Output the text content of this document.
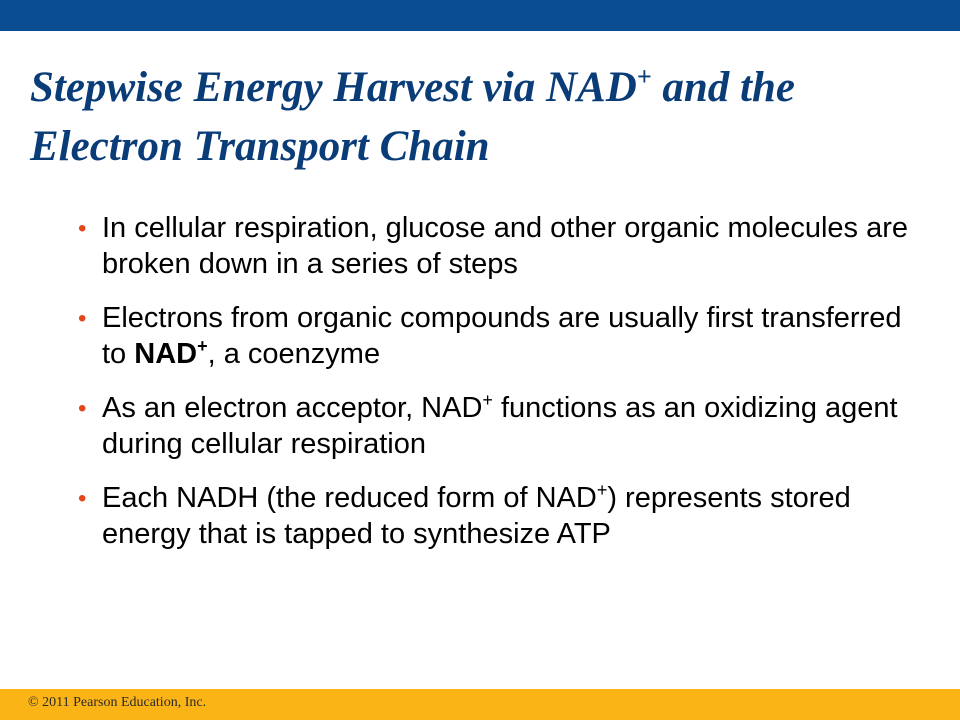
Stepwise Energy Harvest via NAD+ and the Electron Transport Chain
• In cellular respiration, glucose and other organic molecules are broken down in a series of steps
• Electrons from organic compounds are usually first transferred to NAD+, a coenzyme
• As an electron acceptor, NAD+ functions as an oxidizing agent during cellular respiration
• Each NADH (the reduced form of NAD+) represents stored energy that is tapped to synthesize ATP
© 2011 Pearson Education, Inc.
